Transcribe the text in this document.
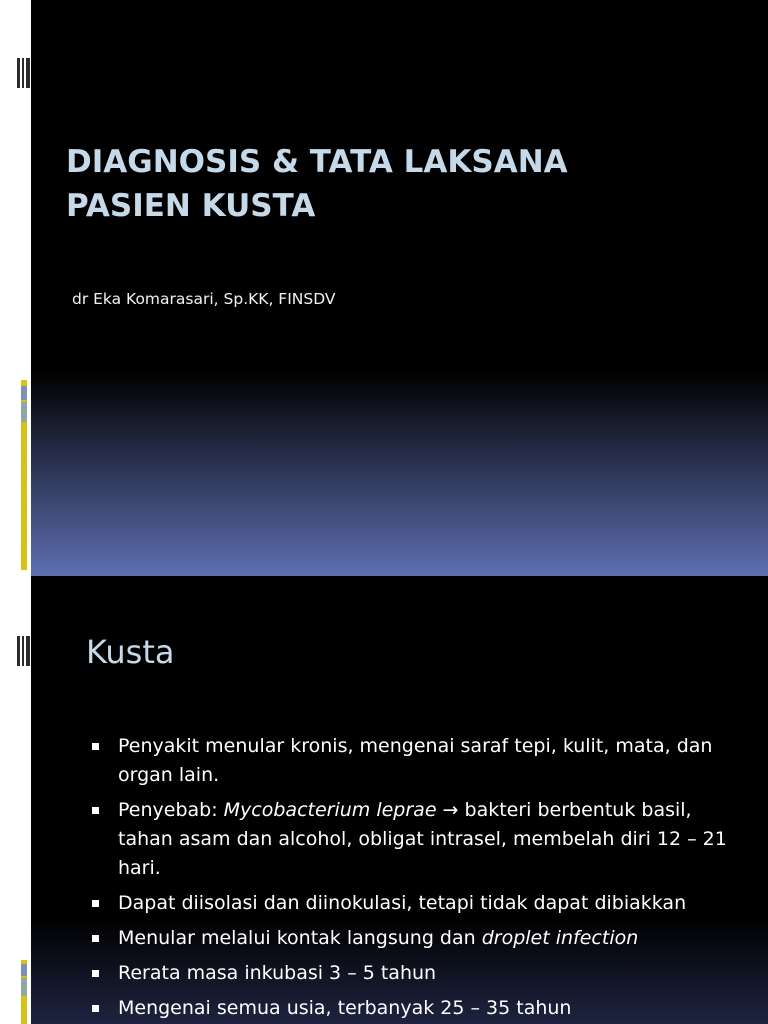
DIAGNOSIS & TATA LAKSANA
PASIEN KUSTA
dr Eka Komarasari, Sp.KK, FINSDV
Kusta
Penyakit menular kronis, mengenai saraf tepi, kulit, mata, dan organ lain.
Penyebab: Mycobacterium leprae → bakteri berbentuk basil, tahan asam dan alcohol, obligat intrasel, membelah diri 12 – 21 hari.
Dapat diisolasi dan diinokulasi, tetapi tidak dapat dibiakkan
Menular melalui kontak langsung dan droplet infection
Rerata masa inkubasi 3 – 5 tahun
Mengenai semua usia, terbanyak 25 – 35 tahun
